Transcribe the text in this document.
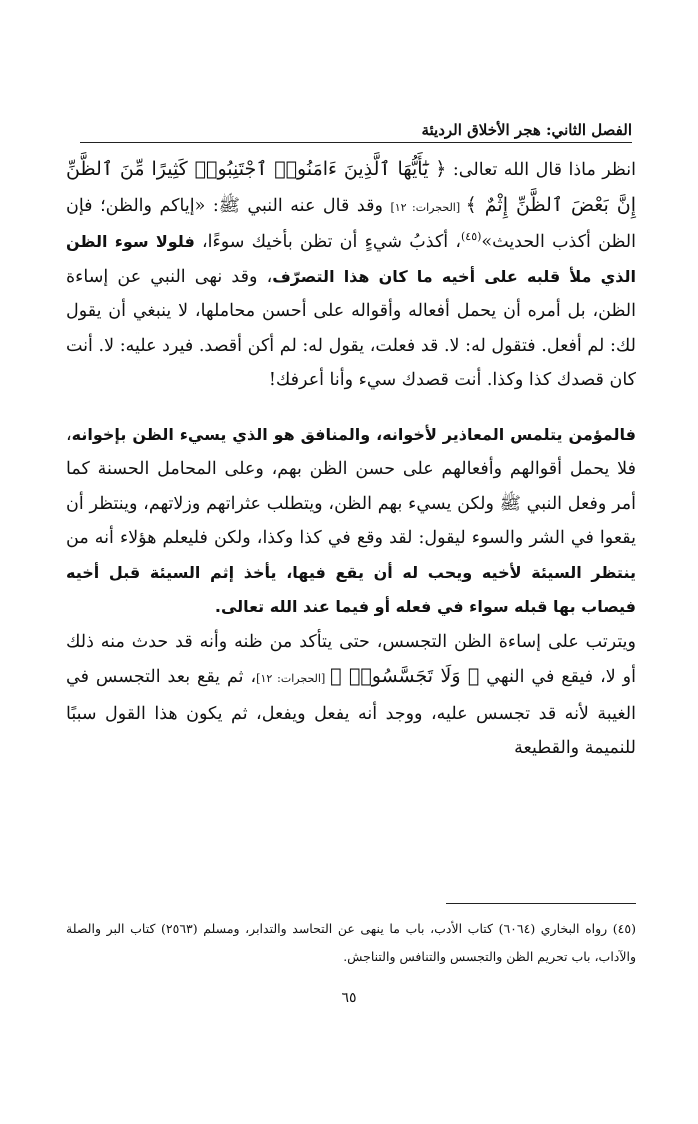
الفصل الثاني: هجر الأخلاق الرديئة

انظر ماذا قال الله تعالى: ﴿ يَٰٓأَيُّهَا ٱلَّذِينَ ءَامَنُوا۟ ٱجْتَنِبُوا۟ كَثِيرًا مِّنَ ٱلظَّنِّ إِنَّ بَعْضَ ٱلظَّنِّ إِثْمٌ ﴾ [الحجرات: ١٢] وقد قال عنه النبي ﷺ: «إياكم والظن؛ فإن الظن أكذب الحديث»$^{(٤٥)}$، أكذبُ شيءٍ أن تظن بأخيك سوءًا، فلولا سوء الظن الذي ملأ قلبه على أخيه ما كان هذا التصرّف، وقد نهى النبي عن إساءة الظن، بل أمره أن يحمل أفعاله وأقواله على أحسن محاملها، لا ينبغي أن يقول لك: لم أفعل. فتقول له: لا. قد فعلت، يقول له: لم أكن أقصد. فيرد عليه: لا. أنت كان قصدك كذا وكذا. أنت قصدك سيء وأنا أعرفك!

فالمؤمن يتلمس المعاذير لأخوانه، والمنافق هو الذي يسيء الظن بإخوانه، فلا يحمل أقوالهم وأفعالهم على حسن الظن بهم، وعلى المحامل الحسنة كما أمر وفعل النبي ﷺ ولكن يسيء بهم الظن، ويتطلب عثراتهم وزلاتهم، وينتظر أن يقعوا في الشر والسوء ليقول: لقد وقع في كذا وكذا، ولكن فليعلم هؤلاء أنه من ينتظر السيئة لأخيه ويحب له أن يقع فيها، يأخذ إثم السيئة قبل أخيه فيصاب بها قبله سواء في فعله أو فيما عند الله تعالى.

ويترتب على إساءة الظن التجسس، حتى يتأكد من ظنه وأنه قد حدث منه ذلك أو لا، فيقع في النهي ﴿ وَلَا تَجَسَّسُوا۟ ﴾ [الحجرات: ١٢]، ثم يقع بعد التجسس في الغيبة لأنه قد تجسس عليه، ووجد أنه يفعل ويفعل، ثم يكون هذا القول سببًا للنميمة والقطيعة

(٤٥) رواه البخاري (٦٠٦٤) كتاب الأدب، باب ما ينهى عن التحاسد والتدابر، ومسلم (٢٥٦٣) كتاب البر والصلة والآداب، باب تحريم الظن والتجسس والتنافس والتناجش.
٦٥
